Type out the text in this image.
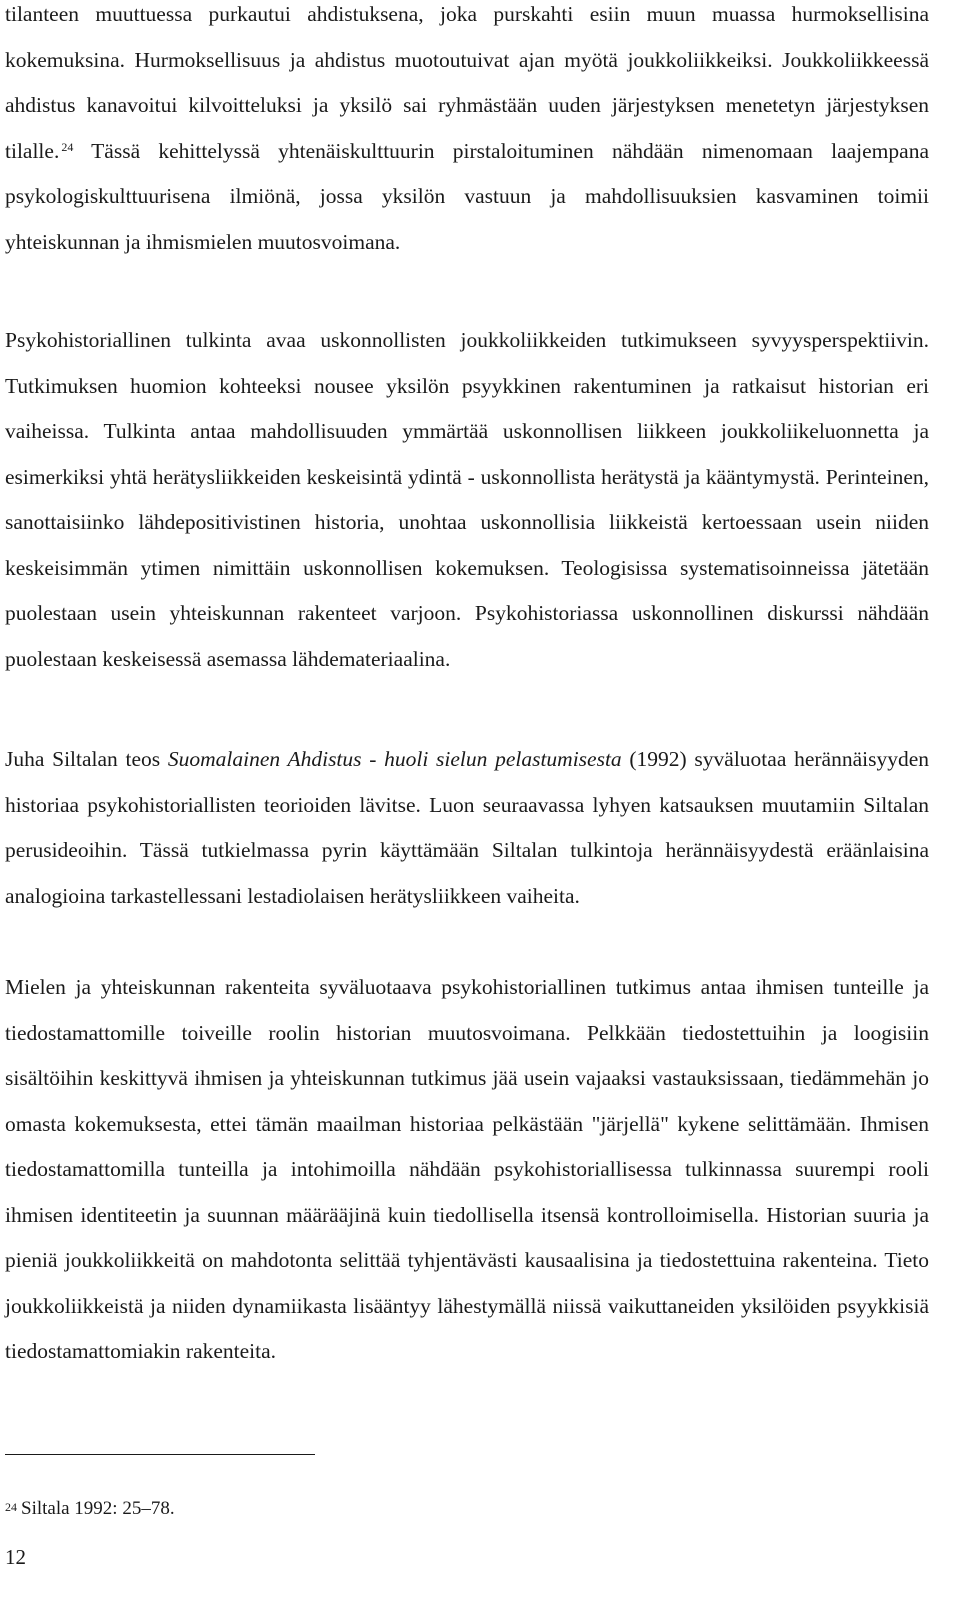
tilanteen muuttuessa purkautui ahdistuksena, joka purskahti esiin muun muassa hurmoksellisina kokemuksina. Hurmoksellisuus ja ahdistus muotoutuivat ajan myötä joukkoliikkeiksi. Joukkoliikkeessä ahdistus kanavoitui kilvoitteluksi ja yksilö sai ryhmästään uuden järjestyksen menetetyn järjestyksen tilalle. $^{24}$ Tässä kehittelyssä yhtenäiskulttuurin pirstaloituminen nähdään nimenomaan laajempana psykologiskulttuurisena ilmiönä, jossa yksilön vastuun ja mahdollisuuksien kasvaminen toimii yhteiskunnan ja ihmismielen muutosvoimana.

Psykohistoriallinen tulkinta avaa uskonnollisten joukkoliikkeiden tutkimukseen syvyysperspektiivin. Tutkimuksen huomion kohteeksi nousee yksilön psyykkinen rakentuminen ja ratkaisut historian eri vaiheissa. Tulkinta antaa mahdollisuuden ymmärtää uskonnollisen liikkeen joukkoliikeluonnetta ja esimerkiksi yhtä herätysliikkeiden keskeisintä ydintä - uskonnollista herätystä ja kääntymystä. Perinteinen, sanottaisiinko lähdepositivistinen historia, unohtaa uskonnollisia liikkeistä kertoessaan usein niiden keskeisimmän ytimen nimittäin uskonnollisen kokemuksen. Teologisissa systematisoinneissa jätetään puolestaan usein yhteiskunnan rakenteet varjoon. Psykohistoriassa uskonnollinen diskurssi nähdään puolestaan keskeisessä asemassa lähdemateriaalina.

Juha Siltalan teos Suomalainen Ahdistus - huoli sielun pelastumisesta (1992) syväluotaa herännäisyyden historiaa psykohistoriallisten teorioiden lävitse. Luon seuraavassa lyhyen katsauksen muutamiin Siltalan perusideoihin. Tässä tutkielmassa pyrin käyttämään Siltalan tulkintoja herännäisyydestä eräänlaisina analogioina tarkastellessani lestadiolaisen herätysliikkeen vaiheita.

Mielen ja yhteiskunnan rakenteita syväluotaava psykohistoriallinen tutkimus antaa ihmisen tunteille ja tiedostamattomille toiveille roolin historian muutosvoimana. Pelkkään tiedostettuihin ja loogisiin sisältöihin keskittyvä ihmisen ja yhteiskunnan tutkimus jää usein vajaaksi vastauksissaan, tiedämmehän jo omasta kokemuksesta, ettei tämän maailman historiaa pelkästään "järjellä" kykene selittämään. Ihmisen tiedostamattomilla tunteilla ja intohimoilla nähdään psykohistoriallisessa tulkinnassa suurempi rooli ihmisen identiteetin ja suunnan määrääjinä kuin tiedollisella itsensä kontrolloimisella. Historian suuria ja pieniä joukkoliikkeitä on mahdotonta selittää tyhjentävästi kausaalisina ja tiedostettuina rakenteina. Tieto joukkoliikkeistä ja niiden dynamiikasta lisääntyy lähestymällä niissä vaikuttaneiden yksilöiden psyykkisiä tiedostamattomiakin rakenteita.

$^{24}$ Siltala 1992: 25–78.
12
